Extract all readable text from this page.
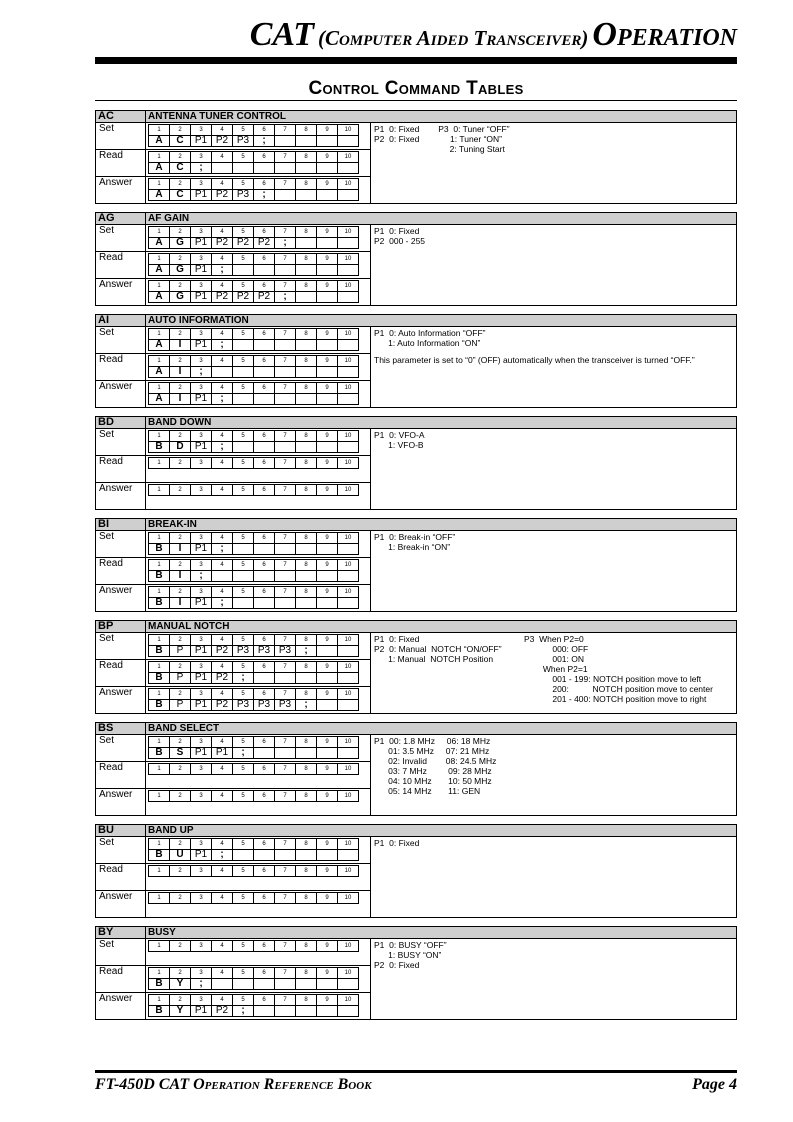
CAT (Computer Aided Transceiver) Operation
Control Command Tables
AC	ANTENNA TUNER CONTROL
Set	1	2	3	4	5	6	7	8	9	10
A	C	P1	P2	P3	;				
Read	1	2	3	4	5	6	7	8	9	10
A	C	;							
Answer	1	2	3	4	5	6	7	8	9	10
A	C	P1	P2	P3	;				
P1  0: Fixed        P3  0: Tuner “OFF”
P2  0: Fixed             1: Tuner “ON”
2: Tuning Start
AG	AF GAIN
Set	1	2	3	4	5	6	7	8	9	10
A	G	P1	P2	P2	P2	;			
Read	1	2	3	4	5	6	7	8	9	10
A	G	P1	;						
Answer	1	2	3	4	5	6	7	8	9	10
A	G	P1	P2	P2	P2	;			
P1  0: Fixed
P2  000 - 255
AI	AUTO INFORMATION
Set	1	2	3	4	5	6	7	8	9	10
A	I	P1	;						
Read	1	2	3	4	5	6	7	8	9	10
A	I	;							
Answer	1	2	3	4	5	6	7	8	9	10
A	I	P1	;						
P1  0: Auto Information “OFF”
1: Auto Information “ON”
This parameter is set to “0” (OFF) automatically when the transceiver is turned “OFF.”
BD	BAND DOWN
Set	1	2	3	4	5	6	7	8	9	10
B	D	P1	;						
Read	1	2	3	4	5	6	7	8	9	10
Answer	1	2	3	4	5	6	7	8	9	10
P1  0: VFO-A
1: VFO-B
BI	BREAK-IN
Set	1	2	3	4	5	6	7	8	9	10
B	I	P1	;						
Read	1	2	3	4	5	6	7	8	9	10
B	I	;							
Answer	1	2	3	4	5	6	7	8	9	10
B	I	P1	;						
P1  0: Break-in “OFF”
1: Break-in “ON”
BP	MANUAL NOTCH
Set	1	2	3	4	5	6	7	8	9	10
B	P	P1	P2	P3	P3	P3	;		
Read	1	2	3	4	5	6	7	8	9	10
B	P	P1	P2	;					
Answer	1	2	3	4	5	6	7	8	9	10
B	P	P1	P2	P3	P3	P3	;		
P1  0: Fixed
P2  0: Manual  NOTCH “ON/OFF”
1: Manual  NOTCH Position
P3  When P2=0
000: OFF
001: ON
When P2=1
001 - 199: NOTCH position move to left
200:          NOTCH position move to center
201 - 400: NOTCH position move to right
BS	BAND SELECT
Set	1	2	3	4	5	6	7	8	9	10
B	S	P1	P1	;					
Read	1	2	3	4	5	6	7	8	9	10
Answer	1	2	3	4	5	6	7	8	9	10
P1  00: 1.8 MHz     06: 18 MHz
01: 3.5 MHz     07: 21 MHz
02: Invalid        08: 24.5 MHz
03: 7 MHz         09: 28 MHz
04: 10 MHz       10: 50 MHz
05: 14 MHz       11: GEN
BU	BAND UP
Set	1	2	3	4	5	6	7	8	9	10
B	U	P1	;						
Read	1	2	3	4	5	6	7	8	9	10
Answer	1	2	3	4	5	6	7	8	9	10
P1  0: Fixed
BY	BUSY
Set	1	2	3	4	5	6	7	8	9	10
Read	1	2	3	4	5	6	7	8	9	10
B	Y	;							
Answer	1	2	3	4	5	6	7	8	9	10
B	Y	P1	P2	;					
P1  0: BUSY “OFF”
1: BUSY “ON”
P2  0: Fixed
FT-450D CAT Operation Reference Book	Page 4
